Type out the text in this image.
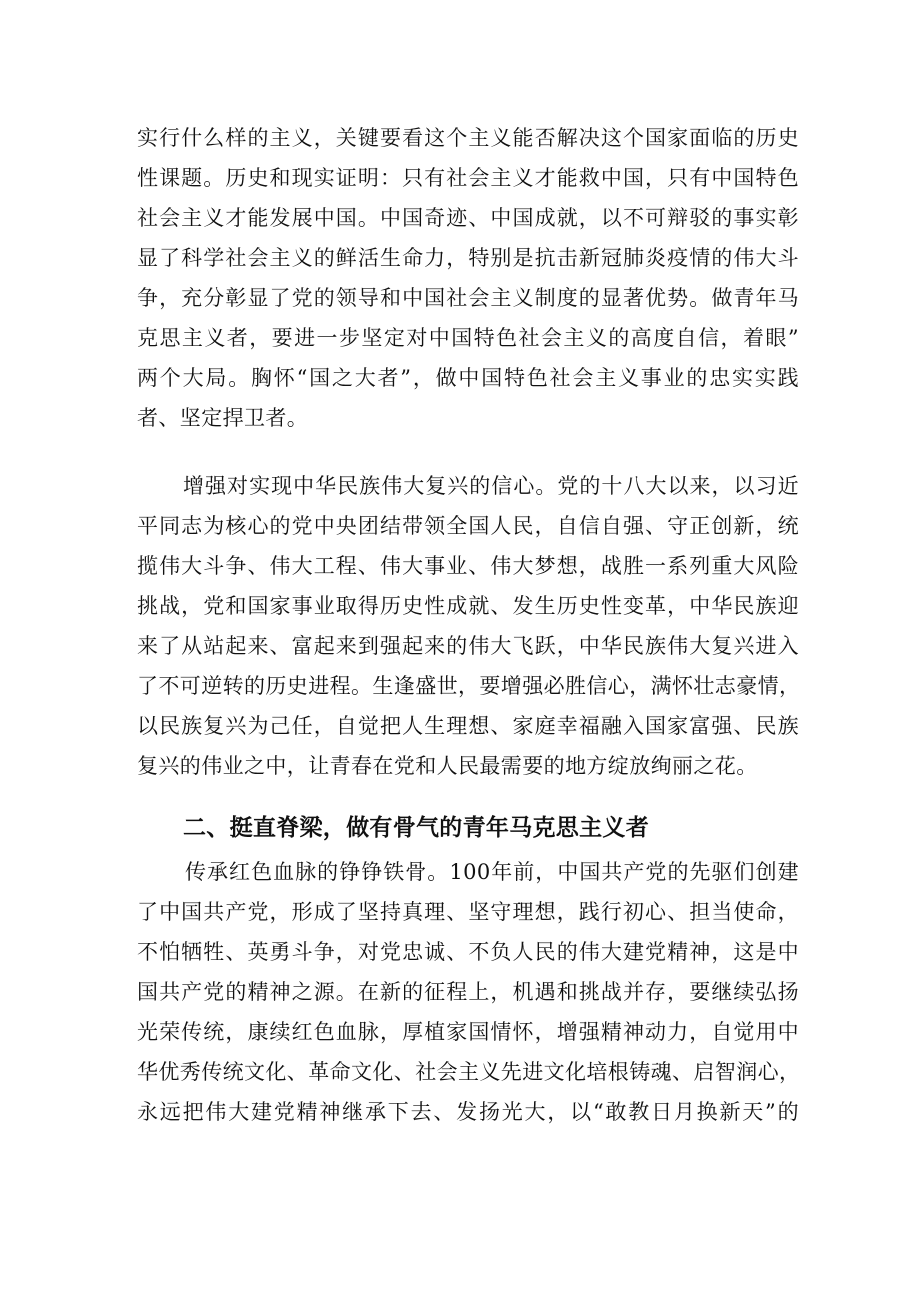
实行什么样的主义，关键要看这个主义能否解决这个国家面临的历史
性课题。历史和现实证明：只有社会主义才能救中国，只有中国特色
社会主义才能发展中国。中国奇迹、中国成就，以不可辩驳的事实彰
显了科学社会主义的鲜活生命力，特别是抗击新冠肺炎疫情的伟大斗
争，充分彰显了党的领导和中国社会主义制度的显著优势。做青年马
克思主义者，要进一步坚定对中国特色社会主义的高度自信，着眼”
两个大局。胸怀“国之大者”，做中国特色社会主义事业的忠实实践
者、坚定捍卫者。
增强对实现中华民族伟大复兴的信心。党的十八大以来，以习近
平同志为核心的党中央团结带领全国人民，自信自强、守正创新，统
揽伟大斗争、伟大工程、伟大事业、伟大梦想，战胜一系列重大风险
挑战，党和国家事业取得历史性成就、发生历史性变革，中华民族迎
来了从站起来、富起来到强起来的伟大飞跃，中华民族伟大复兴进入
了不可逆转的历史进程。生逢盛世，要增强必胜信心，满怀壮志豪情，
以民族复兴为己任，自觉把人生理想、家庭幸福融入国家富强、民族
复兴的伟业之中，让青春在党和人民最需要的地方绽放绚丽之花。
二、挺直脊梁，做有骨气的青年马克思主义者
传承红色血脉的铮铮铁骨。100年前，中国共产党的先驱们创建
了中国共产党，形成了坚持真理、坚守理想，践行初心、担当使命，
不怕牺牲、英勇斗争，对党忠诚、不负人民的伟大建党精神，这是中
国共产党的精神之源。在新的征程上，机遇和挑战并存，要继续弘扬
光荣传统，康续红色血脉，厚植家国情怀，增强精神动力，自觉用中
华优秀传统文化、革命文化、社会主义先进文化培根铸魂、启智润心，
永远把伟大建党精神继承下去、发扬光大，以“敢教日月换新天”的
